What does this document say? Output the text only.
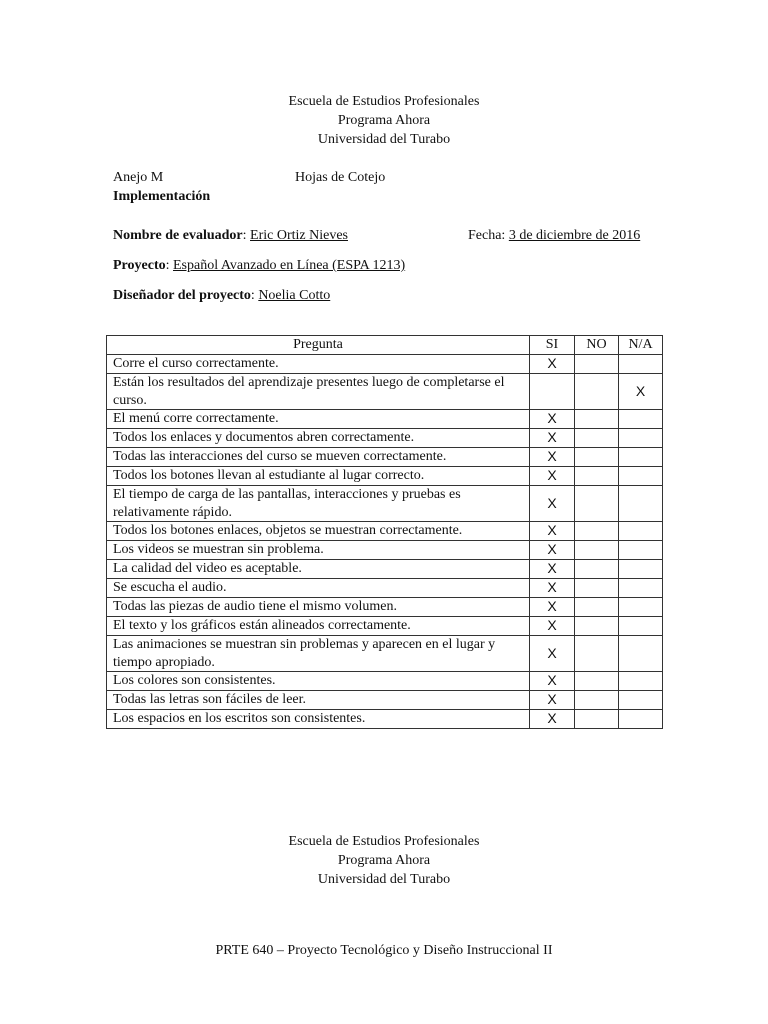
Escuela de Estudios Profesionales
Programa Ahora
Universidad del Turabo
Anejo M	Hojas de Cotejo
Implementación
Nombre de evaluador: Eric Ortiz Nieves	Fecha: 3 de diciembre de 2016
Proyecto: Español Avanzado en Línea (ESPA 1213)
Diseñador del proyecto: Noelia Cotto
Pregunta	SI	NO	N/A
Corre el curso correctamente.	X		
Están los resultados del aprendizaje presentes luego de completarse el curso.			X
El menú corre correctamente.	X		
Todos los enlaces y documentos abren correctamente.	X		
Todas las interacciones del curso se mueven correctamente.	X		
Todos los botones llevan al estudiante al lugar correcto.	X		
El tiempo de carga de las pantallas, interacciones y pruebas es relativamente rápido.	X		
Todos los botones enlaces, objetos se muestran correctamente.	X		
Los videos se muestran sin problema.	X		
La calidad del video es aceptable.	X		
Se escucha el audio.	X		
Todas las piezas de audio tiene el mismo volumen.	X		
El texto y los gráficos están alineados correctamente.	X		
Las animaciones se muestran sin problemas y aparecen en el lugar y tiempo apropiado.	X		
Los colores son consistentes.	X		
Todas las letras son fáciles de leer.	X		
Los espacios en los escritos son consistentes.	X		
Escuela de Estudios Profesionales
Programa Ahora
Universidad del Turabo
PRTE 640 – Proyecto Tecnológico y Diseño Instruccional II
